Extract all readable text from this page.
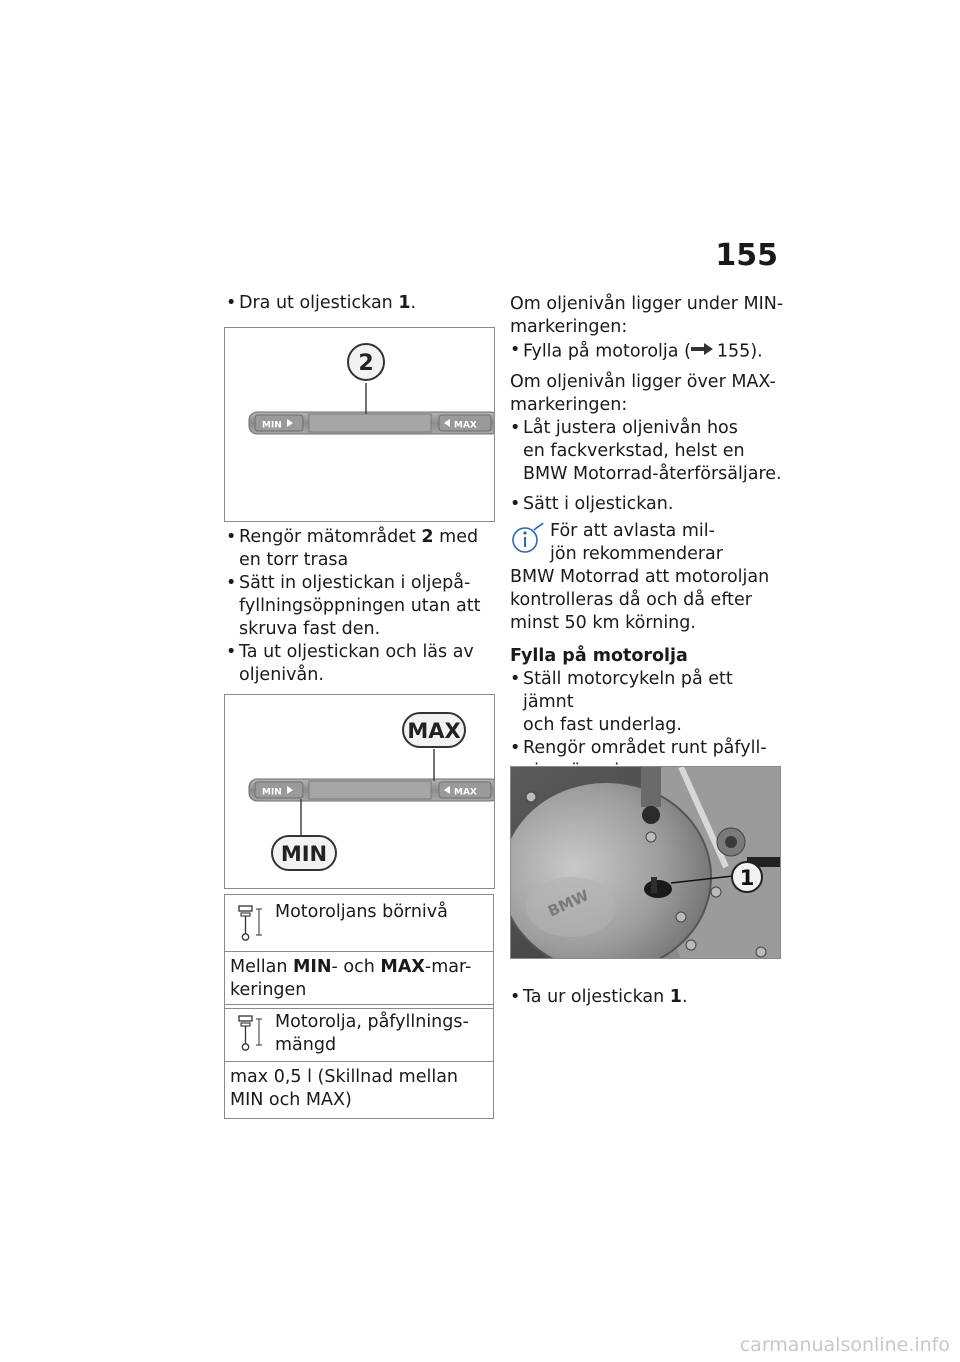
155
• Dra ut oljestickan 1.
MIN	MAX
2
• Rengör mätområdet 2 med
en torr trasa
• Sätt in oljestickan i oljepå-
fyllningsöppningen utan att
skruva fast den.
• Ta ut oljestickan och läs av
oljenivån.
MIN	MAX
MAX
MIN
Motoroljans börnivå
Mellan MIN- och MAX-mar-
keringen
Motorolja, påfyllnings-
mängd
max 0,5 l (Skillnad mellan
MIN och MAX)
Om oljenivån ligger under MIN-
markeringen:
• Fylla på motorolja ( 155).
Om oljenivån ligger över MAX-
markeringen:
• Låt justera oljenivån hos
en fackverkstad, helst en
BMW Motorrad-återförsäljare.
• Sätt i oljestickan.
För att avlasta mil-
jön rekommenderar
BMW Motorrad att motoroljan
kontrolleras då och då efter
minst 50 km körning.
Fylla på motorolja
• Ställ motorcykeln på ett jämnt
och fast underlag.
• Rengör området runt påfyll-
BMW
1
• Ta ur oljestickan 1.
carmanualsonline.info
